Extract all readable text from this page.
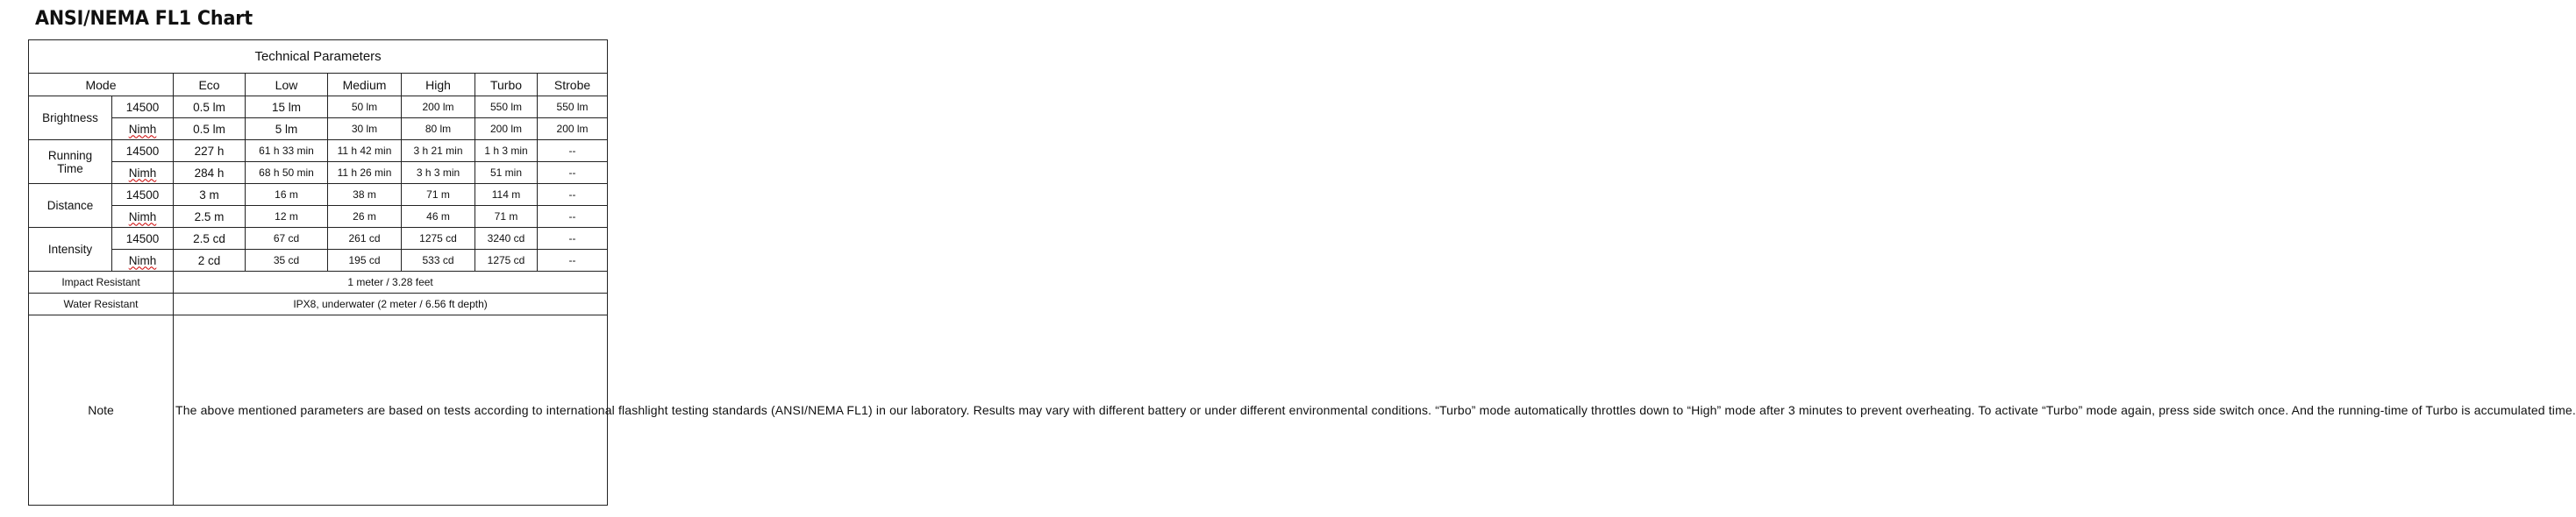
ANSI/NEMA FL1 Chart
Technical Parameters							
Mode		Eco	Low	Medium	High	Turbo	Strobe
Brightness	14500	0.5 lm	15 lm	50 lm	200 lm	550 lm	550 lm
	Nimh	0.5 lm	5 lm	30 lm	80 lm	200 lm	200 lm
Running
Time	14500	227 h	61 h 33 min	11 h 42 min	3 h 21 min	1 h 3 min	--
	Nimh	284 h	68 h 50 min	11 h 26 min	3 h 3 min	51 min	--
Distance	14500	3 m	16 m	38 m	71 m	114 m	--
	Nimh	2.5 m	12 m	26 m	46 m	71 m	--
Intensity	14500	2.5 cd	67 cd	261 cd	1275 cd	3240 cd	--
	Nimh	2 cd	35 cd	195 cd	533 cd	1275 cd	--
Impact Resistant		1 meter / 3.28 feet					
Water Resistant		IPX8, underwater (2 meter / 6.56 ft depth)					
Note		The above mentioned parameters are based on tests according to international flashlight testing standards (ANSI/NEMA FL1) in our laboratory. Results may vary with different battery or under different environmental conditions. “Turbo” mode automatically throttles down to “High” mode after 3 minutes to prevent overheating. To activate “Turbo” mode again, press side switch once. And the running-time of Turbo is accumulated time.					
